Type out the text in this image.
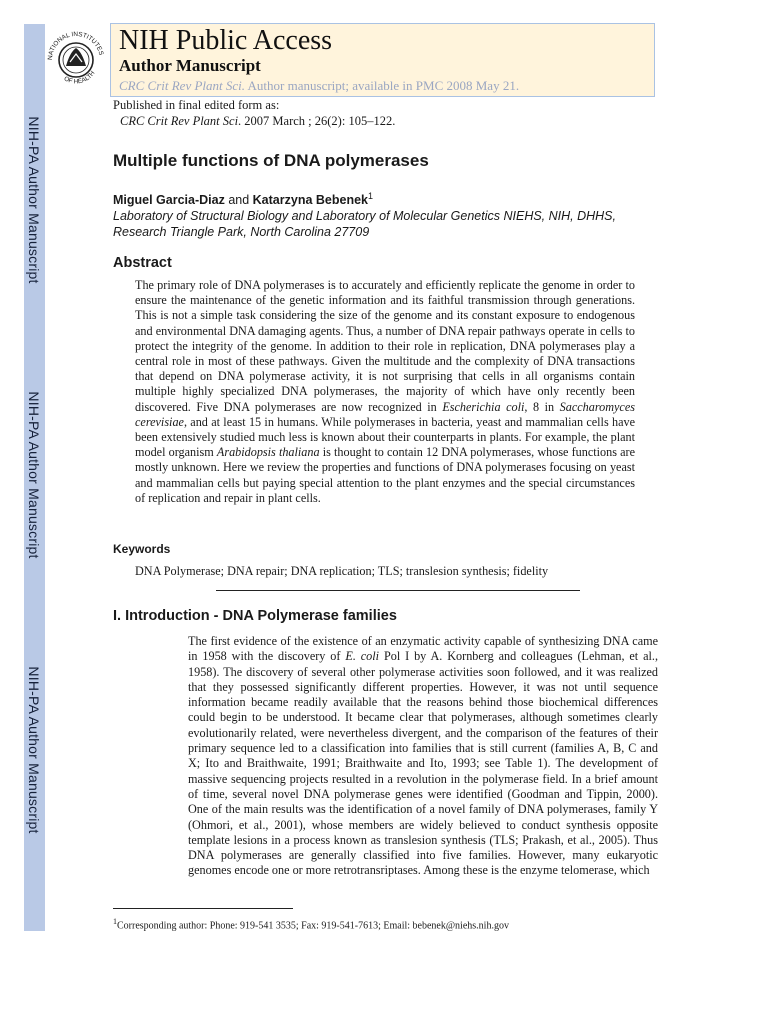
NIH-PA Author Manuscript
NIH-PA Author Manuscript
NIH-PA Author Manuscript
NATIONAL INSTITUTES
OF HEALTH
NIH Public Access
Author Manuscript
CRC Crit Rev Plant Sci. Author manuscript; available in PMC 2008 May 21.
Published in final edited form as:
CRC Crit Rev Plant Sci. 2007 March ; 26(2): 105–122.
Multiple functions of DNA polymerases
Miguel Garcia-Diaz and Katarzyna Bebenek$^1$
Laboratory of Structural Biology and Laboratory of Molecular Genetics NIEHS, NIH, DHHS,
Research Triangle Park, North Carolina 27709
Abstract

The primary role of DNA polymerases is to accurately and efficiently replicate the genome in order to ensure the maintenance of the genetic information and its faithful transmission through generations. This is not a simple task considering the size of the genome and its constant exposure to endogenous and environmental DNA damaging agents. Thus, a number of DNA repair pathways operate in cells to protect the integrity of the genome. In addition to their role in replication, DNA polymerases play a central role in most of these pathways. Given the multitude and the complexity of DNA transactions that depend on DNA polymerase activity, it is not surprising that cells in all organisms contain multiple highly specialized DNA polymerases, the majority of which have only recently been discovered. Five DNA polymerases are now recognized in Escherichia coli, 8 in Saccharomyces cerevisiae, and at least 15 in humans. While polymerases in bacteria, yeast and mammalian cells have been extensively studied much less is known about their counterparts in plants. For example, the plant model organism Arabidopsis thaliana is thought to contain 12 DNA polymerases, whose functions are mostly unknown. Here we review the properties and functions of DNA polymerases focusing on yeast and mammalian cells but paying special attention to the plant enzymes and the special circumstances of replication and repair in plant cells.

Keywords
DNA Polymerase; DNA repair; DNA replication; TLS; translesion synthesis; fidelity
I. Introduction - DNA Polymerase families

The first evidence of the existence of an enzymatic activity capable of synthesizing DNA came in 1958 with the discovery of E. coli Pol I by A. Kornberg and colleagues (Lehman, et al., 1958). The discovery of several other polymerase activities soon followed, and it was realized that they possessed significantly different properties. However, it was not until sequence information became readily available that the reasons behind those biochemical differences could begin to be understood. It became clear that polymerases, although sometimes clearly evolutionarily related, were nevertheless divergent, and the comparison of the features of their primary sequence led to a classification into families that is still current (families A, B, C and X; Ito and Braithwaite, 1991; Braithwaite and Ito, 1993; see Table 1). The development of massive sequencing projects resulted in a revolution in the polymerase field. In a brief amount of time, several novel DNA polymerase genes were identified (Goodman and Tippin, 2000). One of the main results was the identification of a novel family of DNA polymerases, family Y (Ohmori, et al., 2001), whose members are widely believed to conduct synthesis opposite template lesions in a process known as translesion synthesis (TLS; Prakash, et al., 2005). Thus DNA polymerases are generally classified into five families. However, many eukaryotic genomes encode one or more retrotransriptases. Among these is the enzyme telomerase, which

$^1$Corresponding author: Phone: 919-541 3535; Fax: 919-541-7613; Email: bebenek@niehs.nih.gov
